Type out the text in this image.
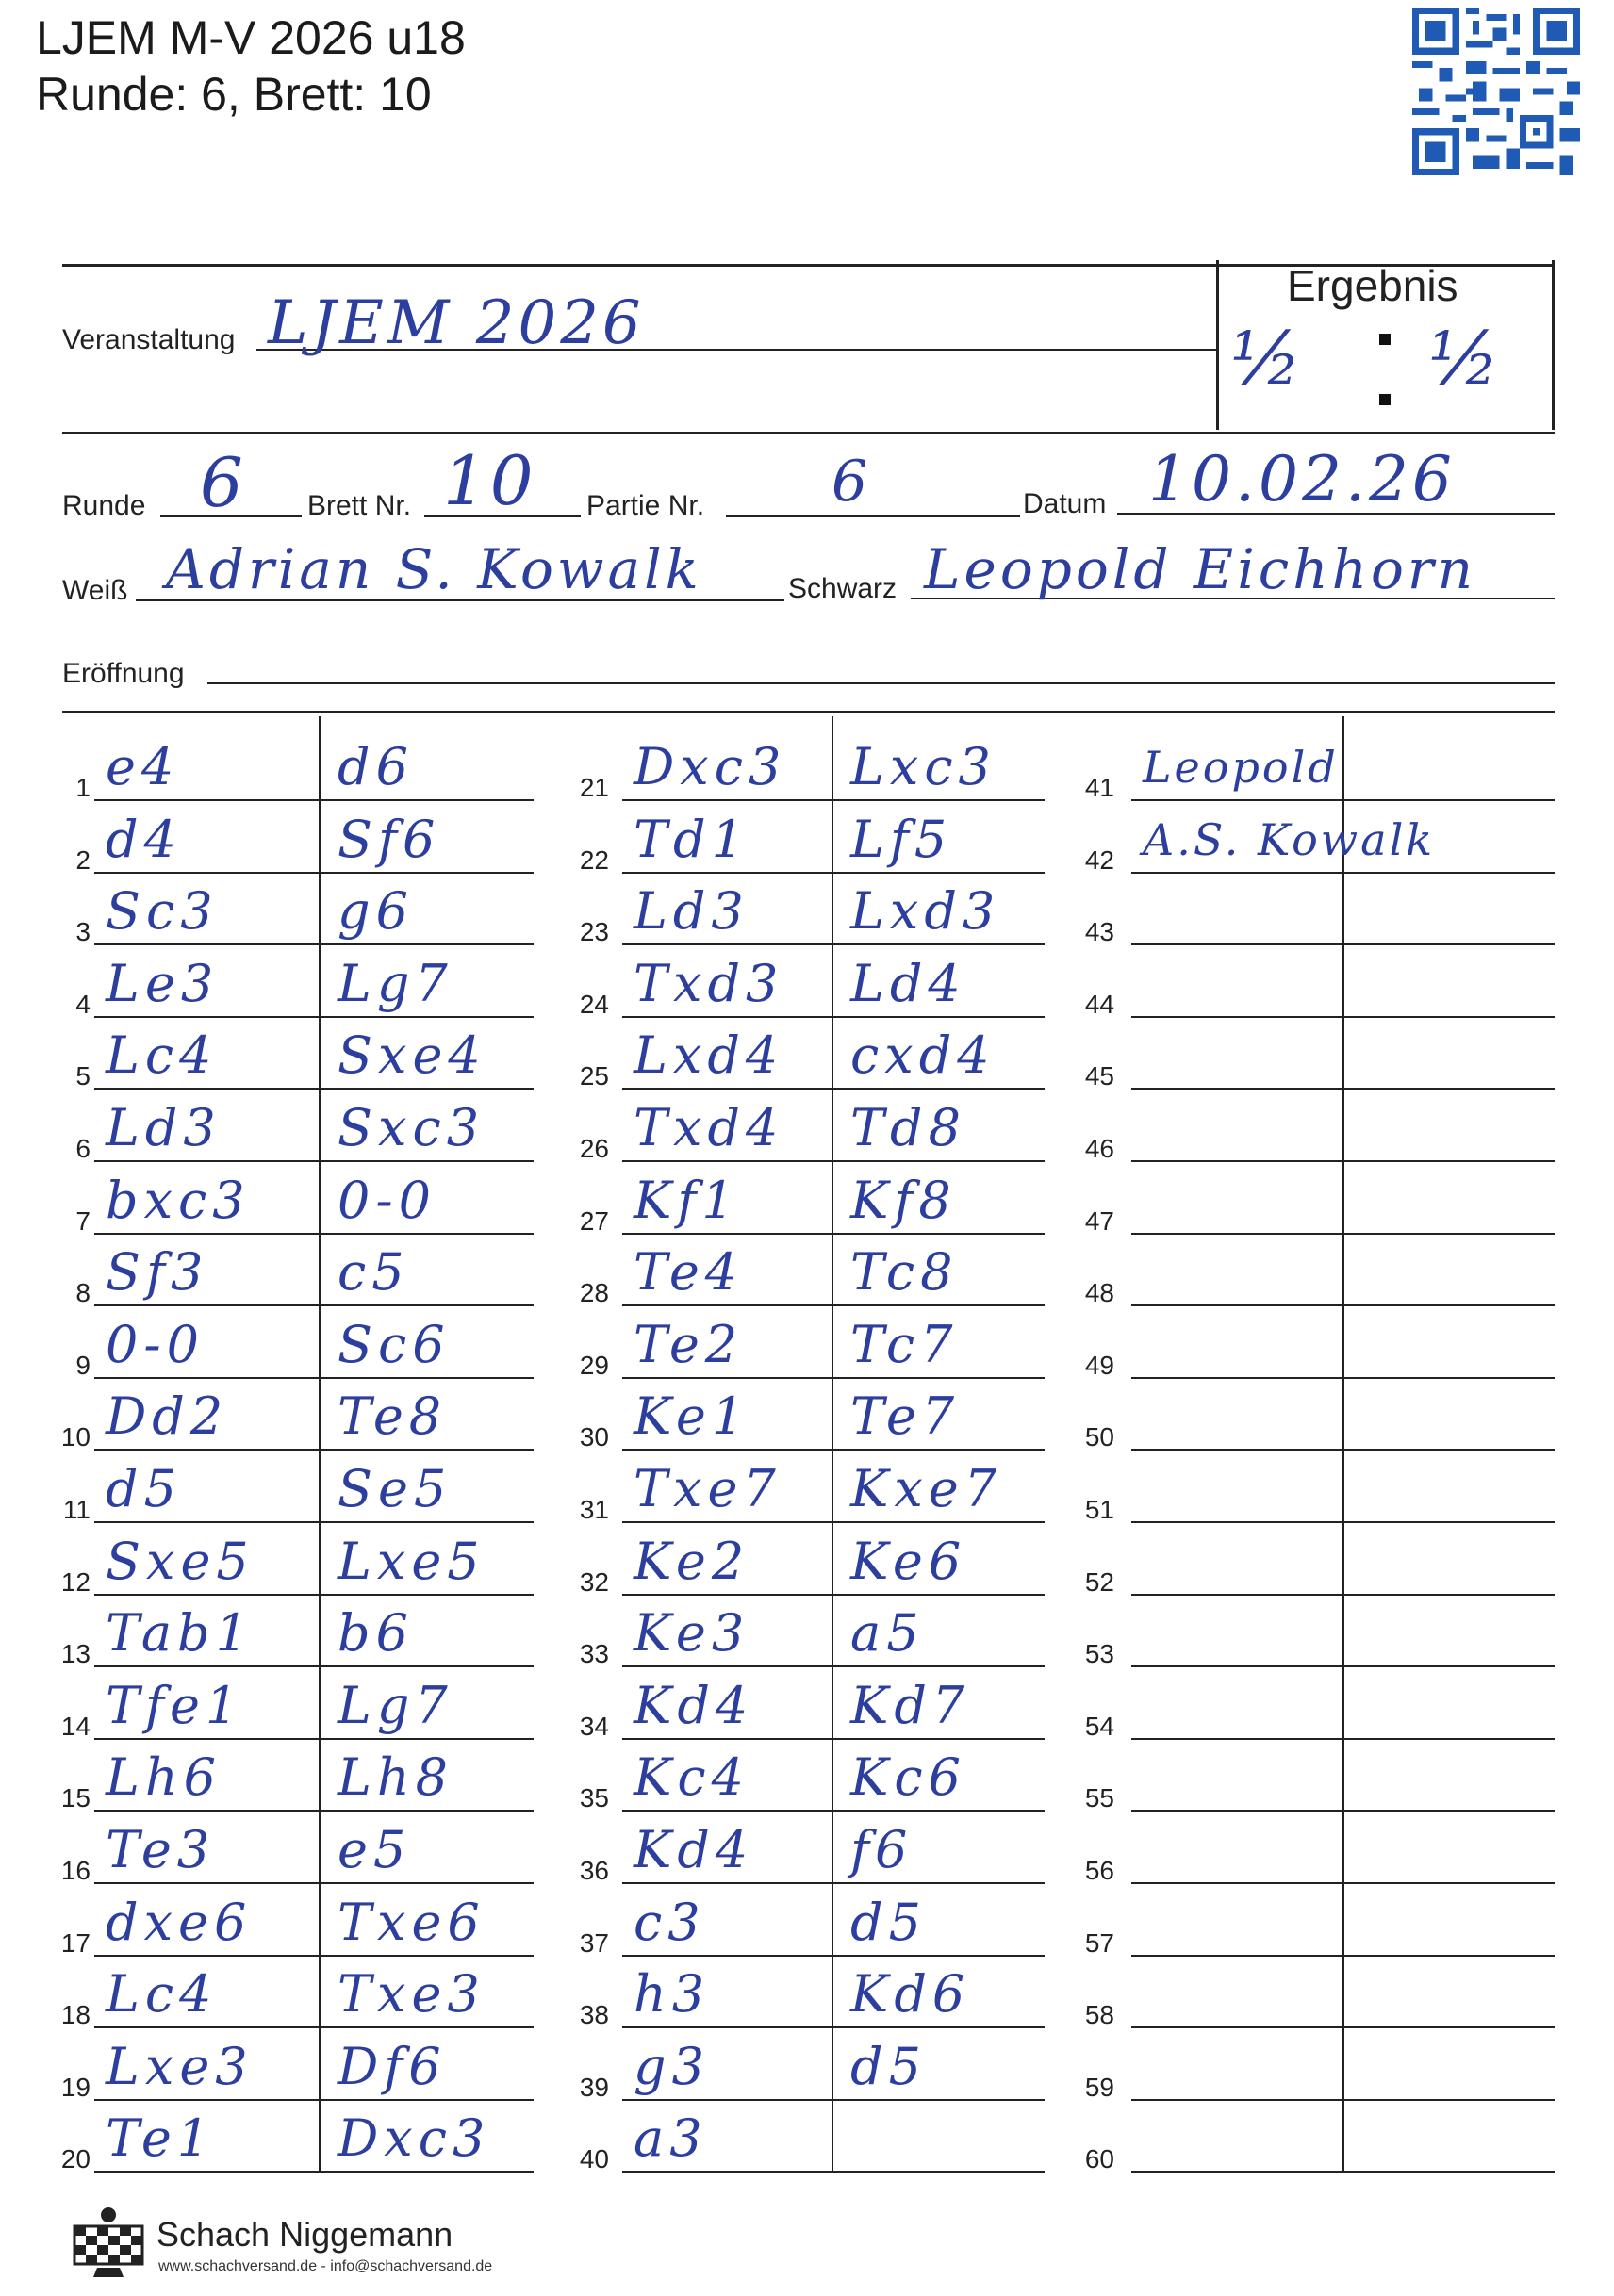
LJEM M-V 2026 u18
Runde: 6, Brett: 10
Veranstaltung LJEM 2026
Ergebnis
½ ½
Runde 6 Brett Nr. 10 Partie Nr. 6	Datum 10.02.26
Weiß Adrian S. Kowalk	Schwarz Leopold Eichhorn
Eröffnung
1 e4	d6
2 d4	Sf6
3 Sc3 g6
4 Le3 Lg7
5 Lc4 Sxe4
6 Ld3 Sxc3
7 bxc3 0-0
8 Sf3	c5
9 0-0	Sc6
10 Dd2 Te8
11 d5	Se5
12 Sxe5 Lxe5
13 Tab1 b6
14 Tfe1 Lg7
15 Lh6 Lh8
16 Te3 e5
17 dxe6 Txe6
18 Lc4 Txe3
19 Lxe3 Df6
20 Te1 Dxc3
21 Dxc3 Lxc3
22 Td1 Lf5
23 Ld3 Lxd3
24 Txd3 Ld4
25 Lxd4 cxd4
26 Txd4 Td8
27 Kf1 Kf8
28 Te4 Tc8
29 Te2 Tc7
30 Ke1 Te7
31 Txe7 Kxe7
32 Ke2 Ke6
33 Ke3 a5
34 Kd4 Kd7
35 Kc4 Kc6
36 Kd4 f6
37 c3	d5
38 h3	Kd6
39 g3	d5
40 a3
41 Leopold
42 A.S. Kowalk
43
44
45
46
47
48
49
50
51
52
53
54
55
56
57
58
59
60
Schach Niggemann
www.schachversand.de - info@schachversand.de
